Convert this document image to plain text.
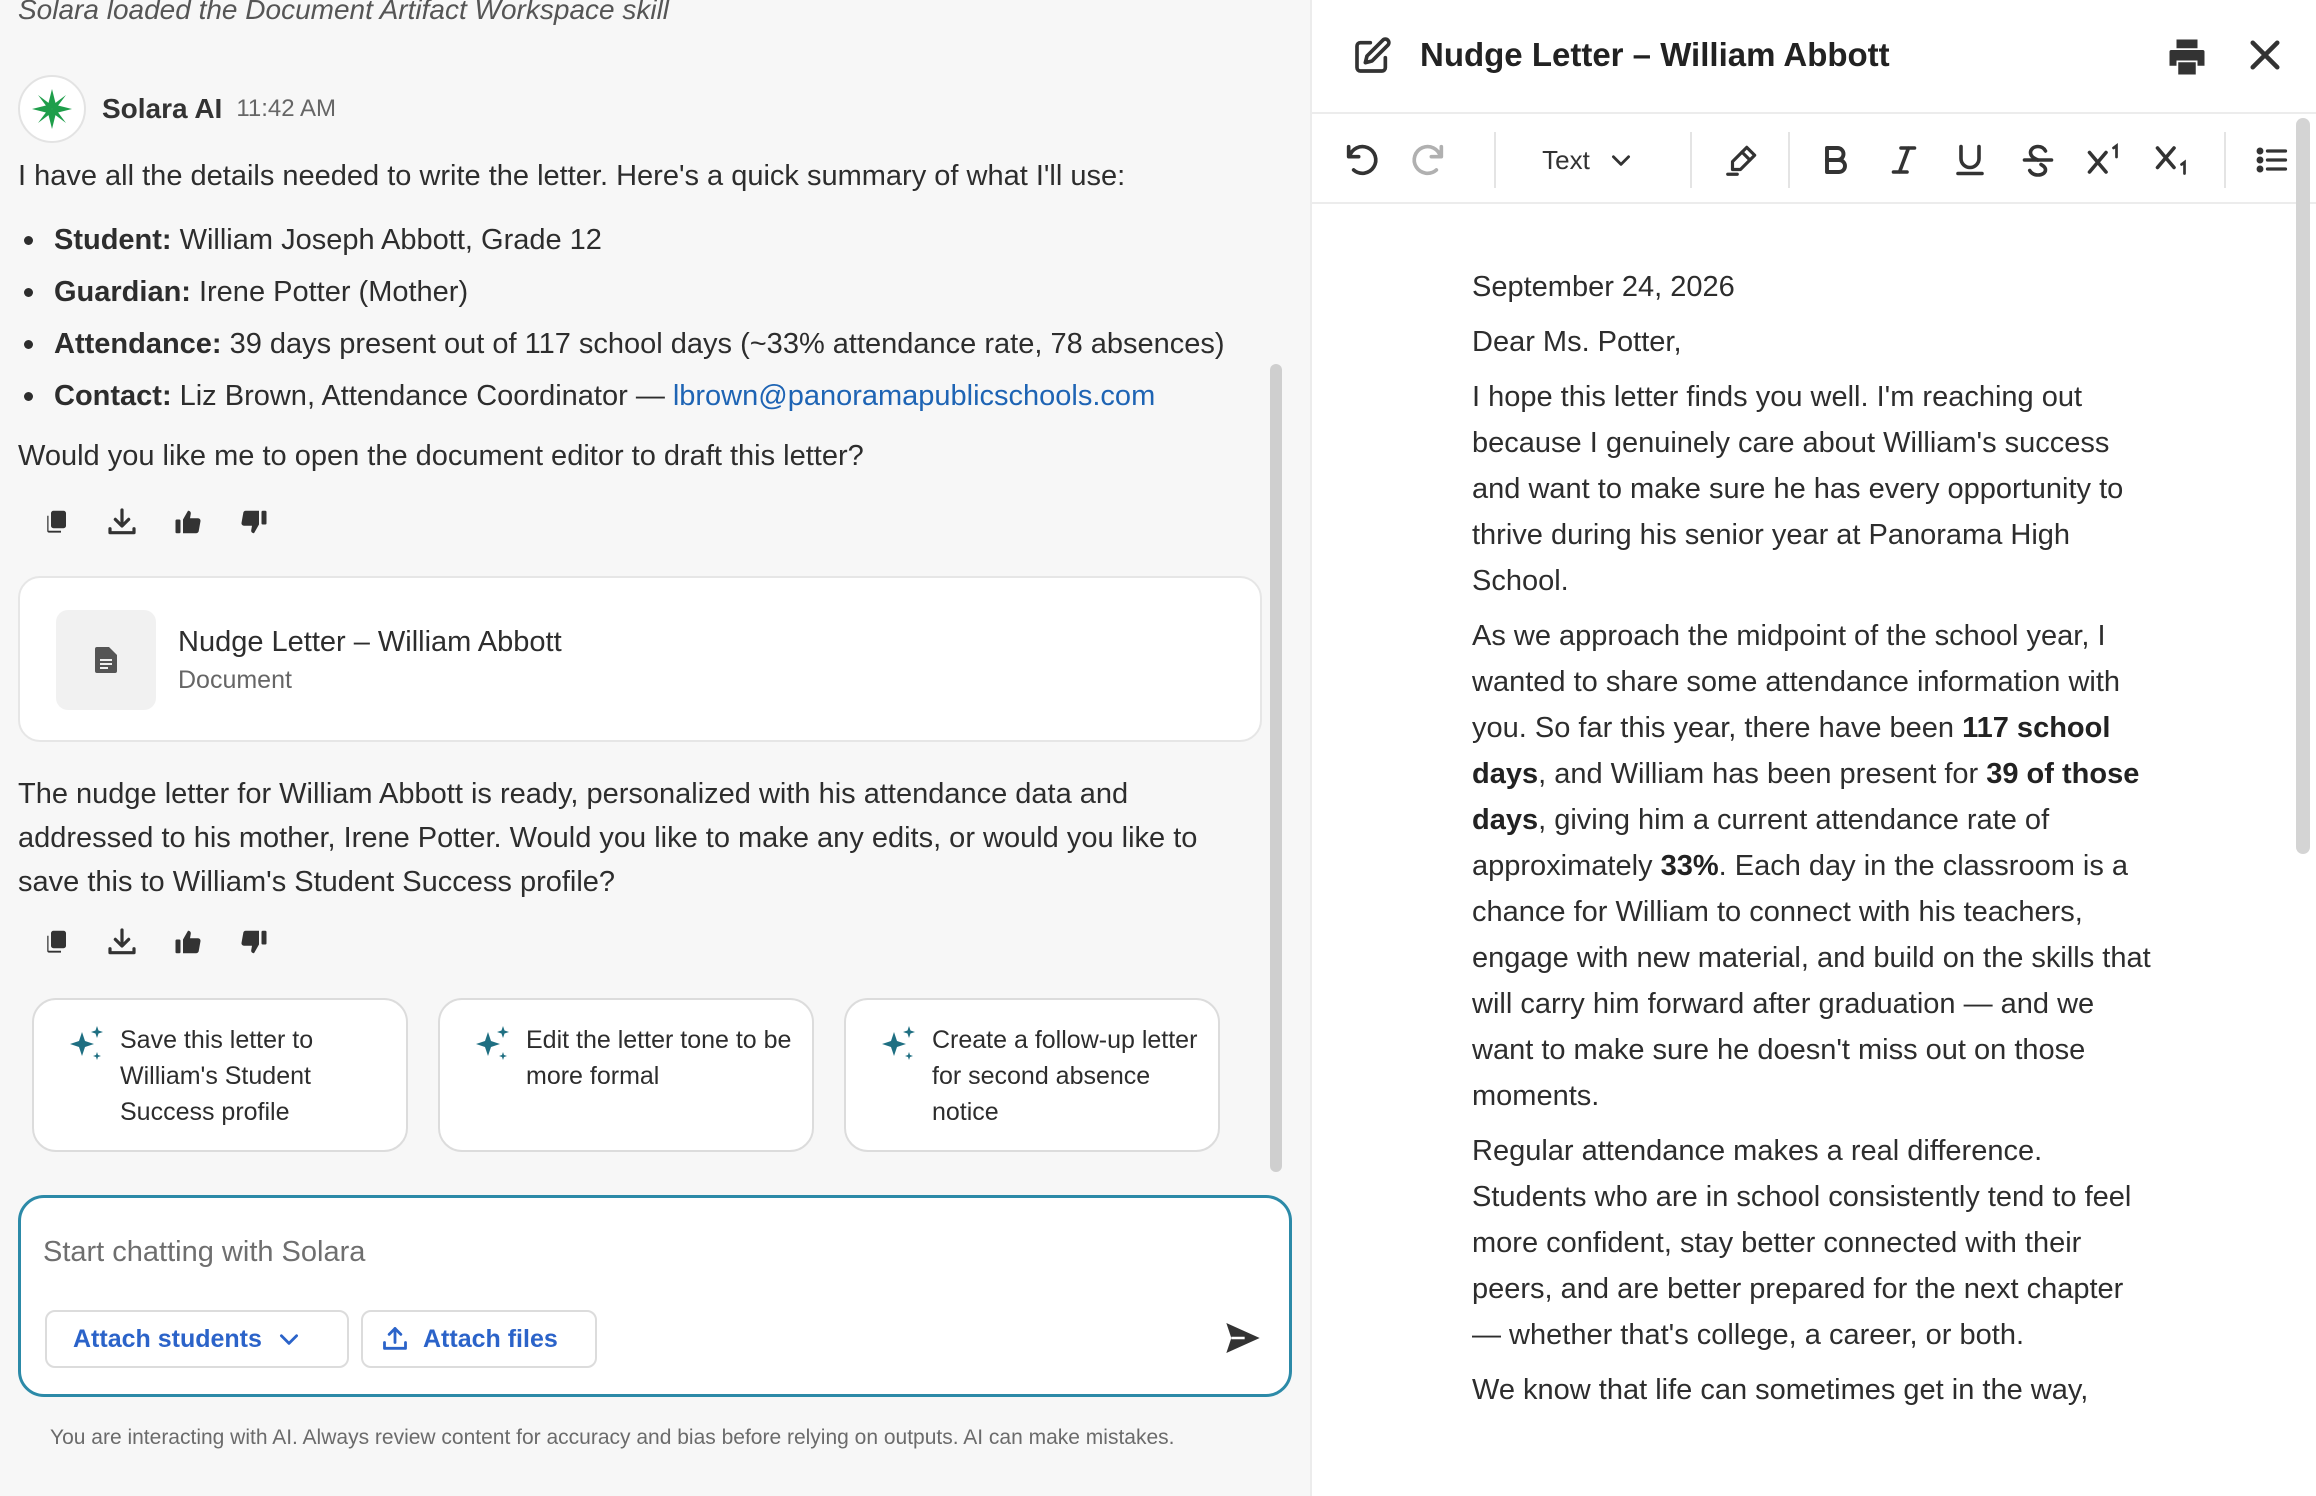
Solara loaded the Document Artifact Workspace skill
Solara AI 11:42 AM
I have all the details needed to write the letter. Here's a quick summary of what I'll use:
Student: William Joseph Abbott, Grade 12
Guardian: Irene Potter (Mother)
Attendance: 39 days present out of 117 school days (~33% attendance rate, 78 absences)
Contact: Liz Brown, Attendance Coordinator — lbrown@panoramapublicschools.com
Would you like me to open the document editor to draft this letter?
Nudge Letter – William Abbott
Document
The nudge letter for William Abbott is ready, personalized with his attendance data and addressed to his mother, Irene Potter. Would you like to make any edits, or would you like to save this to William's Student Success profile?
Save this letter to William's Student Success profile
Edit the letter tone to be more formal
Create a follow-up letter for second absence notice
Start chatting with Solara
Attach students	Attach files
You are interacting with AI. Always review content for accuracy and bias before relying on outputs. AI can make mistakes.
Nudge Letter – William Abbott
Text

September 24, 2026

Dear Ms. Potter,

I hope this letter finds you well. I'm reaching out because I genuinely care about William's success and want to make sure he has every opportunity to thrive during his senior year at Panorama High School.

As we approach the midpoint of the school year, I wanted to share some attendance information with you. So far this year, there have been 117 school days, and William has been present for 39 of those days, giving him a current attendance rate of approximately 33%. Each day in the classroom is a chance for William to connect with his teachers, engage with new material, and build on the skills that will carry him forward after graduation — and we want to make sure he doesn't miss out on those moments.

Regular attendance makes a real difference. Students who are in school consistently tend to feel more confident, stay better connected with their peers, and are better prepared for the next chapter — whether that's college, a career, or both.

We know that life can sometimes get in the way,
